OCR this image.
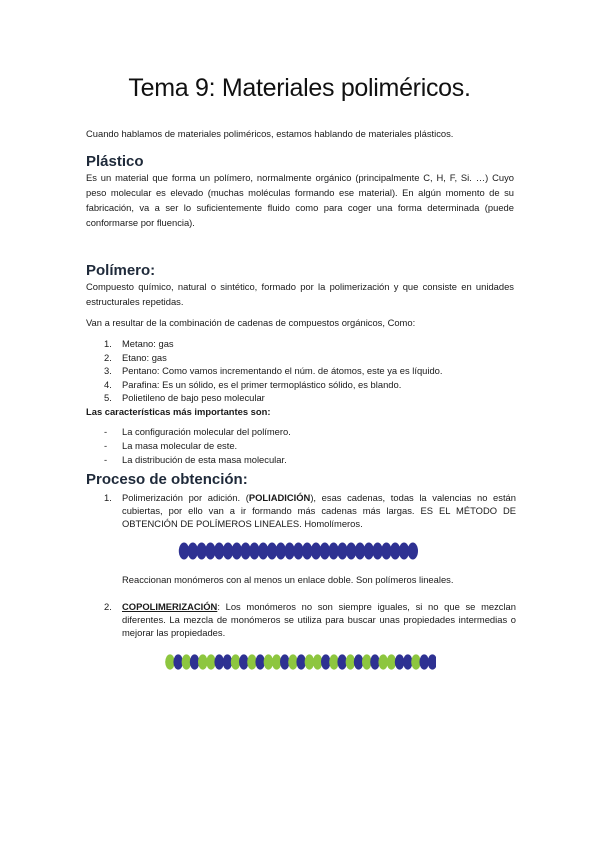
Tema 9: Materiales poliméricos.

Cuando hablamos de materiales poliméricos, estamos hablando de materiales plásticos.

Plástico

Es un material que forma un polímero, normalmente orgánico (principalmente C, H, F, Si. …) Cuyo peso molecular es elevado (muchas moléculas formando ese material). En algún momento de su fabricación, va a ser lo suficientemente fluido como para coger una forma determinada (puede conformarse por fluencia).

Polímero:

Compuesto químico, natural o sintético, formado por la polimerización y que consiste en unidades estructurales repetidas.

Van a resultar de la combinación de cadenas de compuestos orgánicos, Como:

1. Metano: gas
2. Etano: gas
3. Pentano: Como vamos incrementando el núm. de átomos, este ya es líquido.
4. Parafina: Es un sólido, es el primer termoplástico sólido, es blando.
5. Polietileno de bajo peso molecular

Las características más importantes son:

- La configuración molecular del polímero.
- La masa molecular de este.
- La distribución de esta masa molecular.
Proceso de obtención:
1. Polimerización por adición. (POLIADICIÓN), esas cadenas, todas la valencias no están cubiertas, por ello van a ir formando más cadenas más largas. ES EL MÉTODO DE OBTENCIÓN DE POLÍMEROS LINEALES. Homolímeros.

Reaccionan monómeros con al menos un enlace doble. Son polímeros lineales.

2. COPOLIMERIZACIÓN: Los monómeros no son siempre iguales, si no que se mezclan diferentes. La mezcla de monómeros se utiliza para buscar unas propiedades intermedias o mejorar las propiedades.
